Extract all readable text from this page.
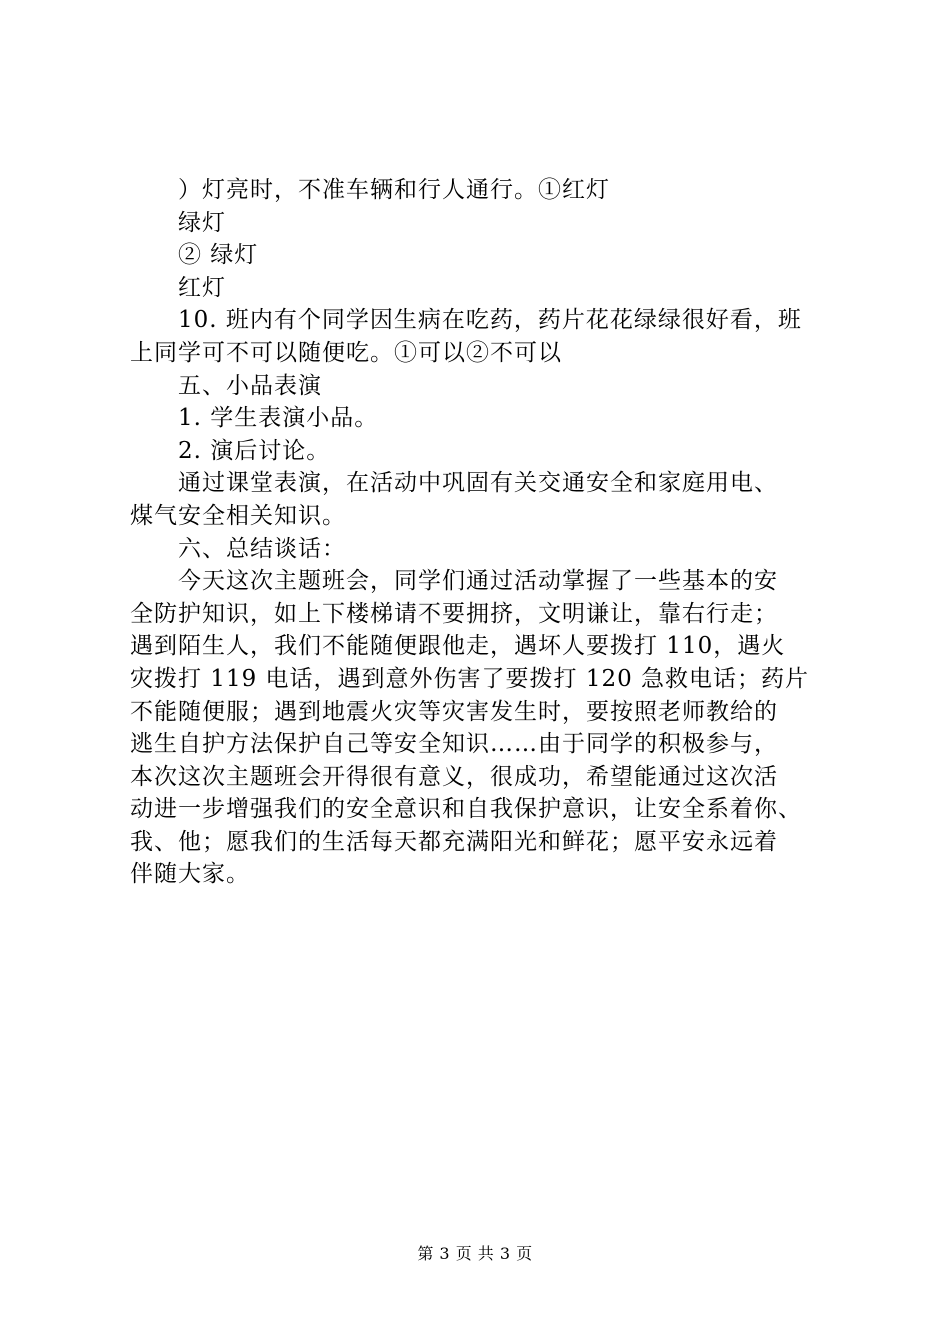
）灯亮时，不准车辆和行人通行。①红灯
绿灯
② 绿灯
红灯
10. 班内有个同学因生病在吃药，药片花花绿绿很好看，班
上同学可不可以随便吃。①可以②不可以
五、小品表演
1. 学生表演小品。
2. 演后讨论。
通过课堂表演，在活动中巩固有关交通安全和家庭用电、
煤气安全相关知识。
六、总结谈话：
今天这次主题班会，同学们通过活动掌握了一些基本的安
全防护知识，如上下楼梯请不要拥挤，文明谦让，靠右行走；
遇到陌生人，我们不能随便跟他走，遇坏人要拨打 110，遇火
灾拨打 119 电话，遇到意外伤害了要拨打 120 急救电话；药片
不能随便服；遇到地震火灾等灾害发生时，要按照老师教给的
逃生自护方法保护自己等安全知识……由于同学的积极参与，
本次这次主题班会开得很有意义，很成功，希望能通过这次活
动进一步增强我们的安全意识和自我保护意识，让安全系着你、
我、他；愿我们的生活每天都充满阳光和鲜花；愿平安永远着
伴随大家。
第 3 页 共 3 页
